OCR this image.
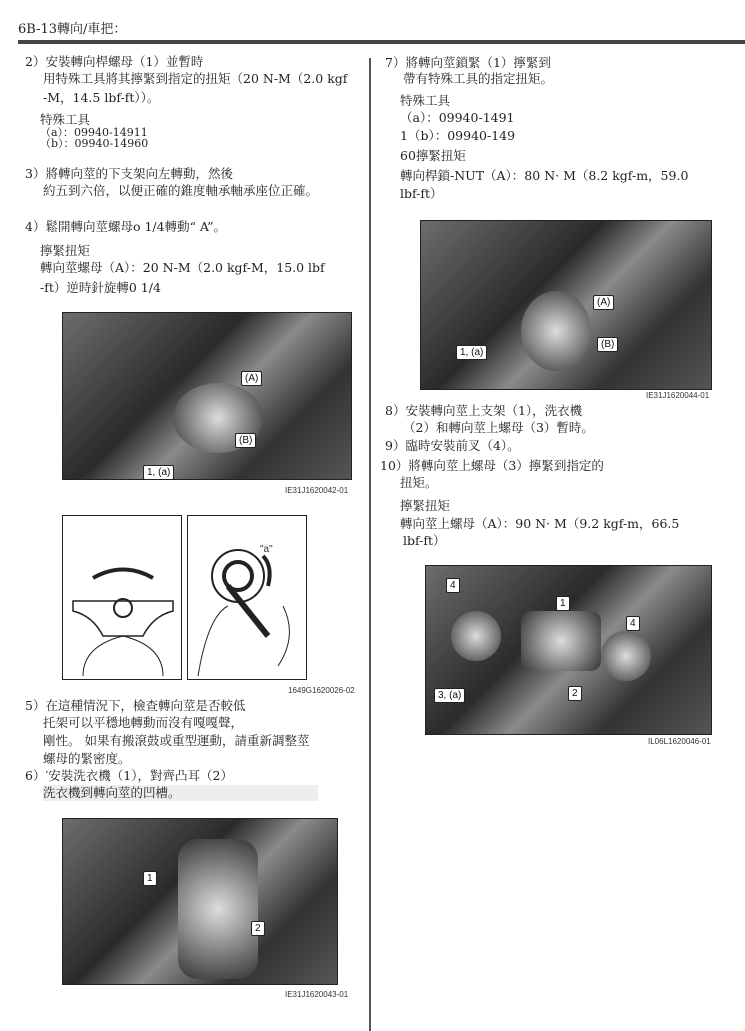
6B-13轉向/車把：
2）安裝轉向桿螺母（1）並暫時
用特殊工具將其擰緊到指定的扭矩（20 N-M（2.0 kgf
-M，14.5 lbf-ft））。
特殊工具
（a）：09940-14911
（b）：09940-14960
3）將轉向莖的下支架向左轉動，然後
約五到六倍，以便正確的錐度軸承軸承座位正確。
4）鬆開轉向莖螺母o 1/4轉動“ A”。
擰緊扭矩
轉向莖螺母（A）：20 N-M（2.0 kgf-M，15.0 lbf
-ft）逆時針旋轉0 1/4
(A)
(B)
1, (a)
IE31J1620042-01
"a"
1649G1620026-02
5）在這種情況下，檢查轉向莖是否較低
托架可以平穩地轉動而沒有嘎嘎聲，
剛性。 如果有搬滾鼓或重型運動，請重新調整莖
螺母的緊密度。
6）′安裝洗衣機（1），對齊凸耳（2）
洗衣機到轉向莖的凹槽。
1
2
IE31J1620043-01
7）將轉向莖鎖緊（1）擰緊到
帶有特殊工具的指定扭矩。
特殊工具
（a）：09940-1491
1（b）：09940-149
60擰緊扭矩
轉向桿鎖-NUT（A）：80 N· M（8.2 kgf-m，59.0
lbf-ft）
(A)
(B)
1, (a)
IE31J1620044-01
8）安裝轉向莖上支架（1），洗衣機
（2）和轉向莖上螺母（3）暫時。
9）臨時安裝前叉（4）。
10）將轉向莖上螺母（3）擰緊到指定的
扭矩。
擰緊扭矩
轉向莖上螺母（A）：90 N· M（9.2 kgf-m，66.5
lbf-ft）
4
1
4
3, (a)	2
IL06L1620046-01
